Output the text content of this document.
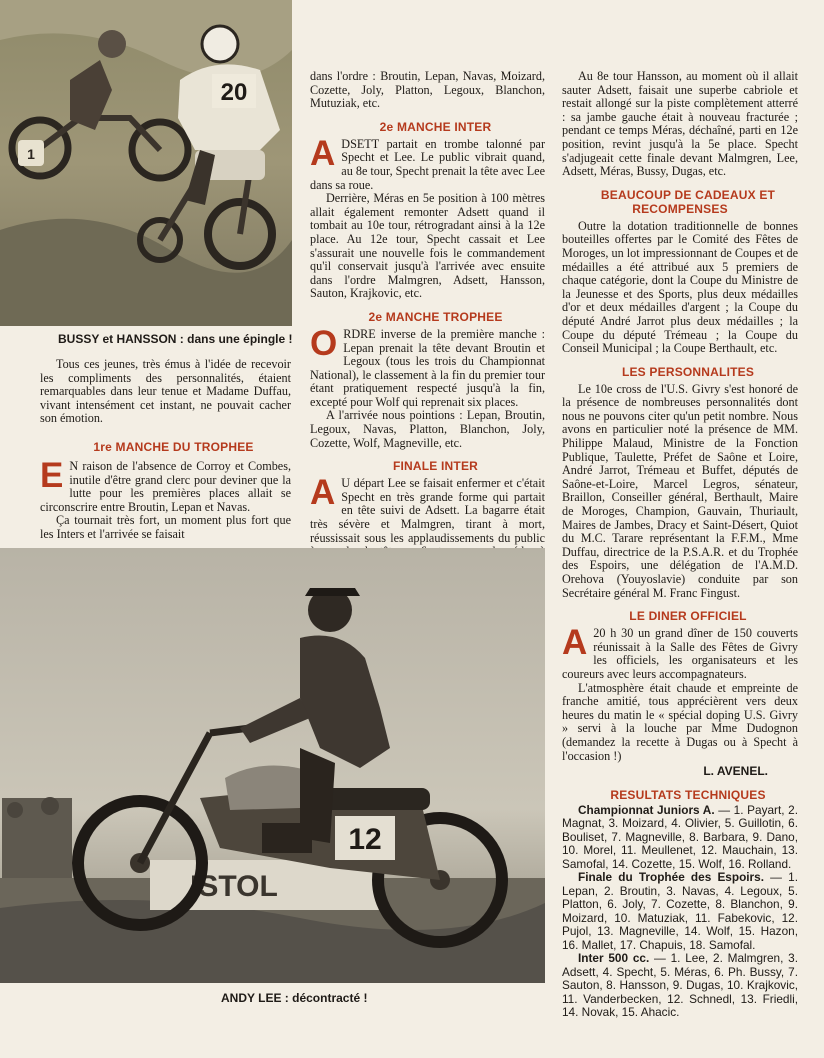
1
20
BUSSY et HANSSON : dans une épingle !

Tous ces jeunes, très émus à l'idée de recevoir les compliments des personnalités, étaient remarquables dans leur tenue et Madame Duffau, vivant intensément cet instant, ne pouvait cacher son émotion.

1re MANCHE DU TROPHEE

E N raison de l'absence de Corroy et Combes, inutile d'être grand clerc pour deviner que la lutte pour les premières places allait se circonscrire entre Broutin, Lepan et Navas.

Ça tournait très fort, un moment plus fort que les Inters et l'arrivée se faisait

dans l'ordre : Broutin, Lepan, Navas, Moizard, Cozette, Joly, Platton, Legoux, Blanchon, Mutuziak, etc.

2e MANCHE INTER

ADSETT partait en trombe talonné par Specht et Lee. Le public vibrait quand, au 8e tour, Specht prenait la tête avec Lee dans sa roue.

Derrière, Méras en 5e position à 100 mètres allait également remonter Adsett quand il tombait au 10e tour, rétrogradant ainsi à la 12e place. Au 12e tour, Specht cassait et Lee s'assurait une nouvelle fois le commandement qu'il conservait jusqu'à l'arrivée avec ensuite dans l'ordre Malmgren, Adsett, Hansson, Sauton, Krajkovic, etc.

2e MANCHE TROPHEE

ORDRE inverse de la première manche : Lepan prenait la tête devant Broutin et Legoux (tous les trois du Championnat National), le classement à la fin du premier tour étant pratiquement respecté jusqu'à la fin, excepté pour Wolf qui reprenait six places.

A l'arrivée nous pointions : Lepan, Broutin, Legoux, Navas, Platton, Blanchon, Joly, Cozette, Wolf, Magneville, etc.

FINALE INTER

A U départ Lee se faisait enfermer et c'était Specht en très grande forme qui partait en tête suivi de Adsett. La bagarre était très sévère et Malmgren, tirant à mort, réussissait sous les applaudissements du public

ISTOL
12
ANDY LEE : décontracté !

Au 8e tour Hansson, au moment où il allait sauter Adsett, faisait une superbe cabriole et restait allongé sur la piste complètement atterré : sa jambe gauche était à nouveau fracturée ; pendant ce temps Méras, déchaîné, parti en 12e position, revint jusqu'à la 5e place. Specht s'adjugeait cette finale devant Malmgren, Lee, Adsett, Méras, Bussy, Dugas, etc.

BEAUCOUP DE CADEAUX ET RECOMPENSES

Outre la dotation traditionnelle de bonnes bouteilles offertes par le Comité des Fêtes de Moroges, un lot impressionnant de Coupes et de médailles a été attribué aux 5 premiers de chaque catégorie, dont la Coupe du Ministre de la Jeunesse et des Sports, plus deux médailles d'or et deux médailles d'argent ; la Coupe du député André Jarrot plus deux médailles ; la Coupe du député Trémeau ; la Coupe du Conseil Municipal ; la Coupe Berthault, etc.

LES PERSONNALITES

Le 10e cross de l'U.S. Givry s'est honoré de la présence de nombreuses personnalités dont nous ne pouvons citer qu'un petit nombre. Nous avons en particulier noté la présence de MM. Philippe Malaud, Ministre de la Fonction Publique, Taulette, Préfet de Saône et Loire, André Jarrot, Trémeau et Buffet, députés de Saône-et-Loire, Marcel Legros, sénateur, Braillon, Conseiller général, Berthault, Maire de Moroges, Champion, Gauvain, Thuriault, Maires de Jambes, Dracy et Saint-Désert, Quiot du M.C. Tarare représentant la F.F.M., Mme Duffau, directrice de la P.S.A.R. et du Trophée des Espoirs, une délégation de l'A.M.D. Orehova (Youyoslavie) conduite par son Secrétaire général M. Franc Fingust.

LE DINER OFFICIEL

A 20 h 30 un grand dîner de 150 couverts réunissait à la Salle des Fêtes de Givry les officiels, les organisateurs et les coureurs avec leurs accompagnateurs.

L'atmosphère était chaude et empreinte de franche amitié, tous apprécièrent vers deux heures du matin le « spécial doping U.S. Givry » servi à la louche par Mme Dudognon (demandez la recette à Dugas ou à Specht à l'occasion !)

L. AVENEL.

RESULTATS TECHNIQUES

Championnat Juniors A. — 1. Payart, 2. Magnat, 3. Moizard, 4. Olivier, 5. Guillotin, 6. Bouliset, 7. Magneville, 8. Barbara, 9. Dano, 10. Morel, 11. Meullenet, 12. Mauchain, 13. Samofal, 14. Cozette, 15. Wolf, 16. Rolland.

Finale du Trophée des Espoirs. — 1. Lepan, 2. Broutin, 3. Navas, 4. Legoux, 5. Platton, 6. Joly, 7. Cozette, 8. Blanchon, 9. Moizard, 10. Matuziak, 11. Fabekovic, 12. Pujol, 13. Magneville, 14. Wolf, 15. Hazon, 16. Mallet, 17. Chapuis, 18. Samofal.

Inter 500 cc. — 1. Lee, 2. Malmgren, 3. Adsett, 4. Specht, 5. Méras, 6. Ph. Bussy, 7. Sauton, 8. Hansson, 9. Dugas, 10. Krajkovic, 11. Vanderbecken, 12. Schnedl, 13. Friedli, 14. Novak, 15. Ahacic.
